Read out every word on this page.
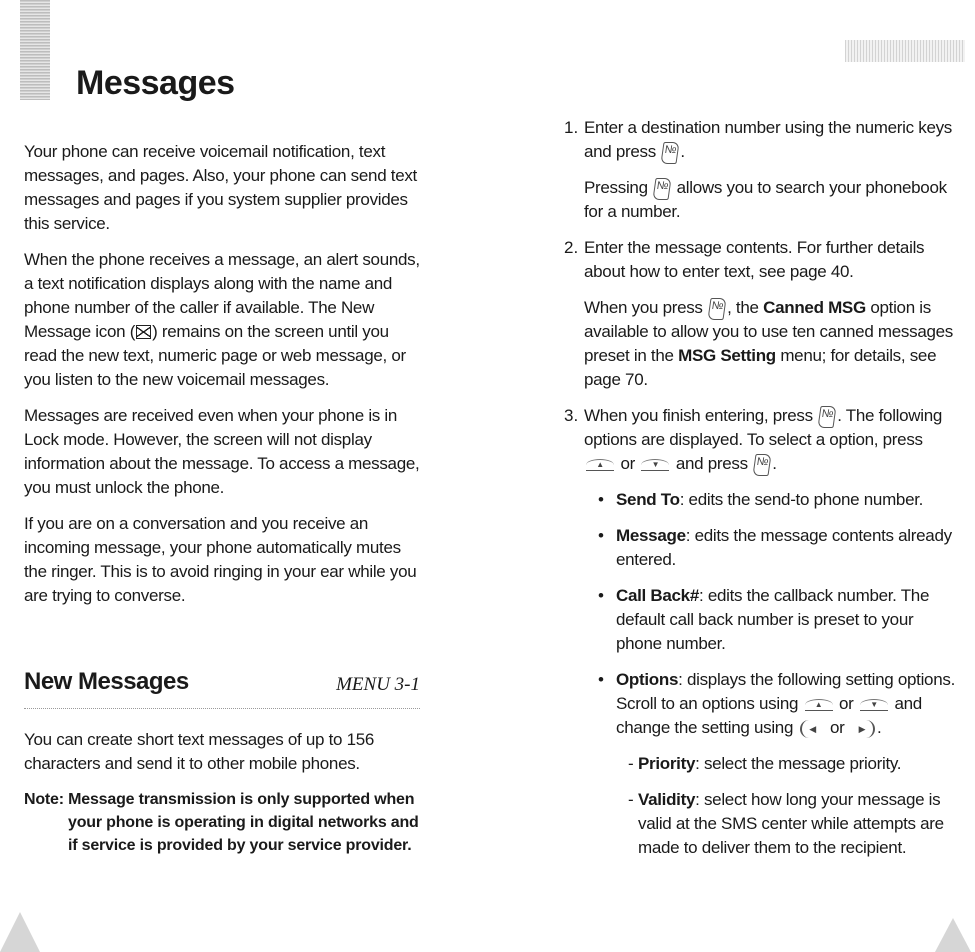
Messages

Your phone can receive voicemail notification, text messages, and pages. Also, your phone can send text messages and pages if you system supplier provides this service.

When the phone receives a message, an alert sounds, a text notification displays along with the name and phone number of the caller if available. The New Message icon ( ) remains on the screen until you read the new text, numeric page or web message, or you listen to the new voicemail messages.

Messages are received even when your phone is in Lock mode. However, the screen will not display information about the message. To access a message, you must unlock the phone.

If you are on a conversation and you receive an incoming message, your phone automatically mutes the ringer. This is to avoid ringing in your ear while you are trying to converse.

New Messages	MENU 3-1

You can create short text messages of up to 156 characters and send it to other mobile phones.

Note: Message transmission is only supported when
your phone is operating in digital networks and
if service is provided by your service provider.
1. Enter a destination number using the numeric keys and press № .

Pressing № allows you to search your phonebook for a number.

2. Enter the message contents. For further details about how to enter text, see page 40.

When you press № , the Canned MSG option is available to allow you to use ten canned messages preset in the MSG Setting menu; for details, see page 70.

3. When you finish entering, press № . The following options are displayed. To select a option, press ▲ or ▼ and press № .

• Send To: edits the send-to phone number.

• Message: edits the message contents already entered.

• Call Back#: edits the callback number. The default call back number is preset to your phone number.

• Options: displays the following setting options. Scroll to an options using ▲ or ▼ and change the setting using ◀ or ▶ .

- Priority: select the message priority.

- Validity: select how long your message is valid at the SMS center while attempts are made to deliver them to the recipient.
